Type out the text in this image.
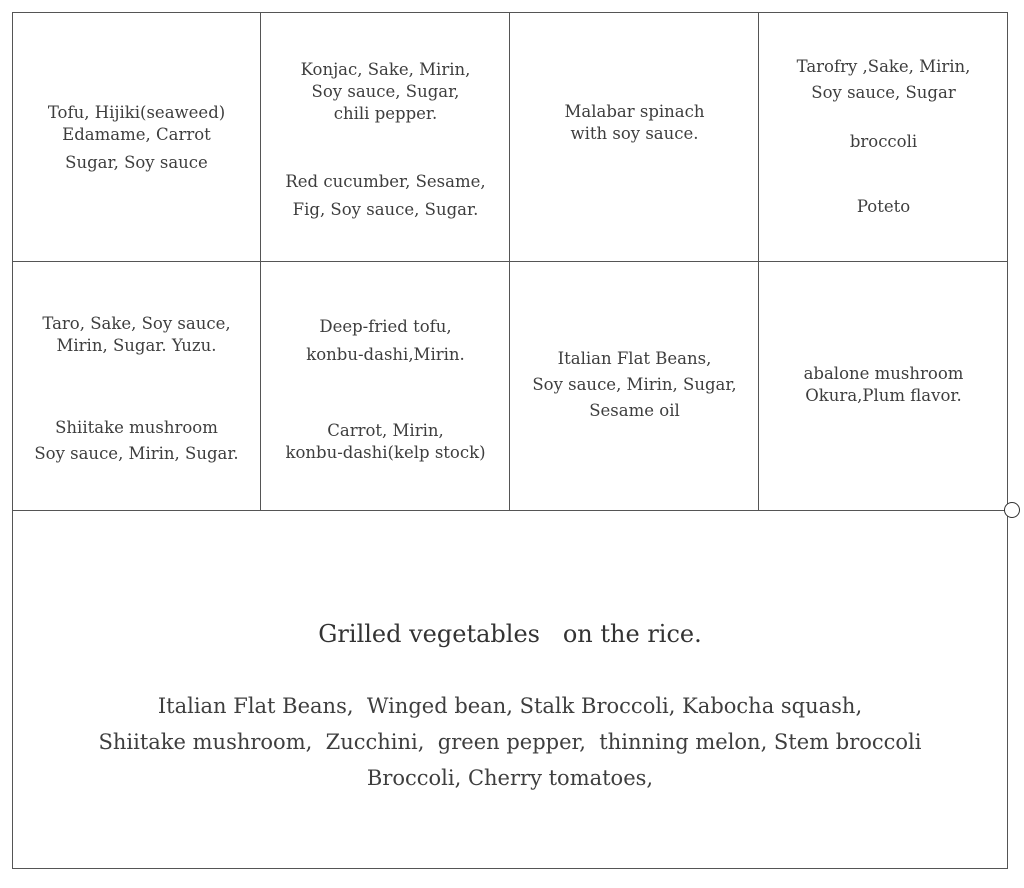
Tofu, Hijiki(seaweed)
Edamame, Carrot
Sugar, Soy sauce
Konjac, Sake, Mirin,
Soy sauce, Sugar,
chili pepper.
Red cucumber, Sesame,
Fig, Soy sauce, Sugar.
Malabar spinach
with soy sauce.
Tarofry ,Sake, Mirin,
Soy sauce, Sugar
broccoli
Poteto
Taro, Sake, Soy sauce,
Mirin, Sugar. Yuzu.
Shiitake mushroom
Soy sauce, Mirin, Sugar.
Deep-fried tofu,
konbu-dashi,Mirin.
Carrot, Mirin,
konbu-dashi(kelp stock)
Italian Flat Beans,
Soy sauce, Mirin, Sugar,
Sesame oil
abalone mushroom
Okura,Plum flavor.
Grilled vegetables   on the rice.
Italian Flat Beans,  Winged bean, Stalk Broccoli, Kabocha squash,
Shiitake mushroom,  Zucchini,  green pepper,  thinning melon, Stem broccoli
Broccoli, Cherry tomatoes,
